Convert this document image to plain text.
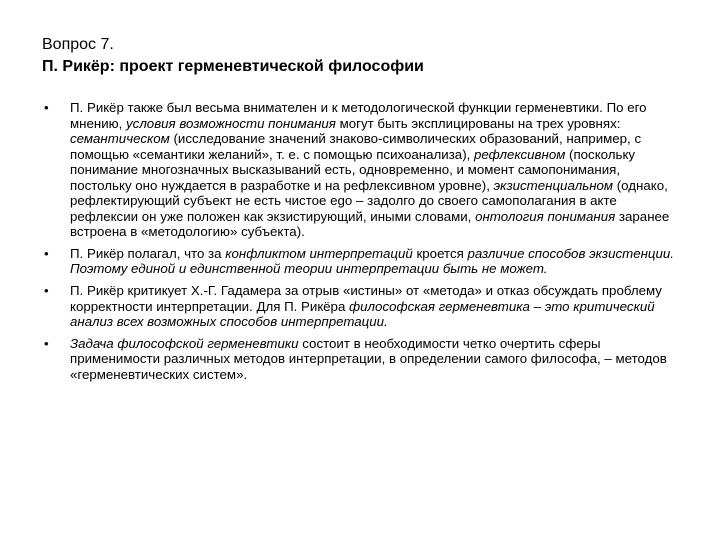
Вопрос 7.
П. Рикёр: проект герменевтической философии
• П. Рикёр также был весьма внимателен и к методологической функции герменевтики. По его мнению, условия возможности понимания могут быть эксплицированы на трех уровнях: семантическом (исследование значений знаково-символических образований, например, с помощью «семантики желаний», т. е. с помощью психоанализа), рефлексивном (поскольку понимание многозначных высказываний есть, одновременно, и момент самопонимания, постольку оно нуждается в разработке и на рефлексивном уровне), экзистенциальном (однако, рефлектирующий субъект не есть чистое ego – задолго до своего самополагания в акте рефлексии он уже положен как экзистирующий, иными словами, онтология понимания заранее встроена в «методологию» субъекта).
• П. Рикёр полагал, что за конфликтом интерпретаций кроется различие способов экзистенции. Поэтому единой и единственной теории интерпретации быть не может.
• П. Рикёр критикует Х.-Г. Гадамера за отрыв «истины» от «метода» и отказ обсуждать проблему корректности интерпретации. Для П. Рикёра философская герменевтика – это критический анализ всех возможных способов интерпретации.
• Задача философской герменевтики состоит в необходимости четко очертить сферы применимости различных методов интерпретации, в определении самого философа, – методов «герменевтических систем».
